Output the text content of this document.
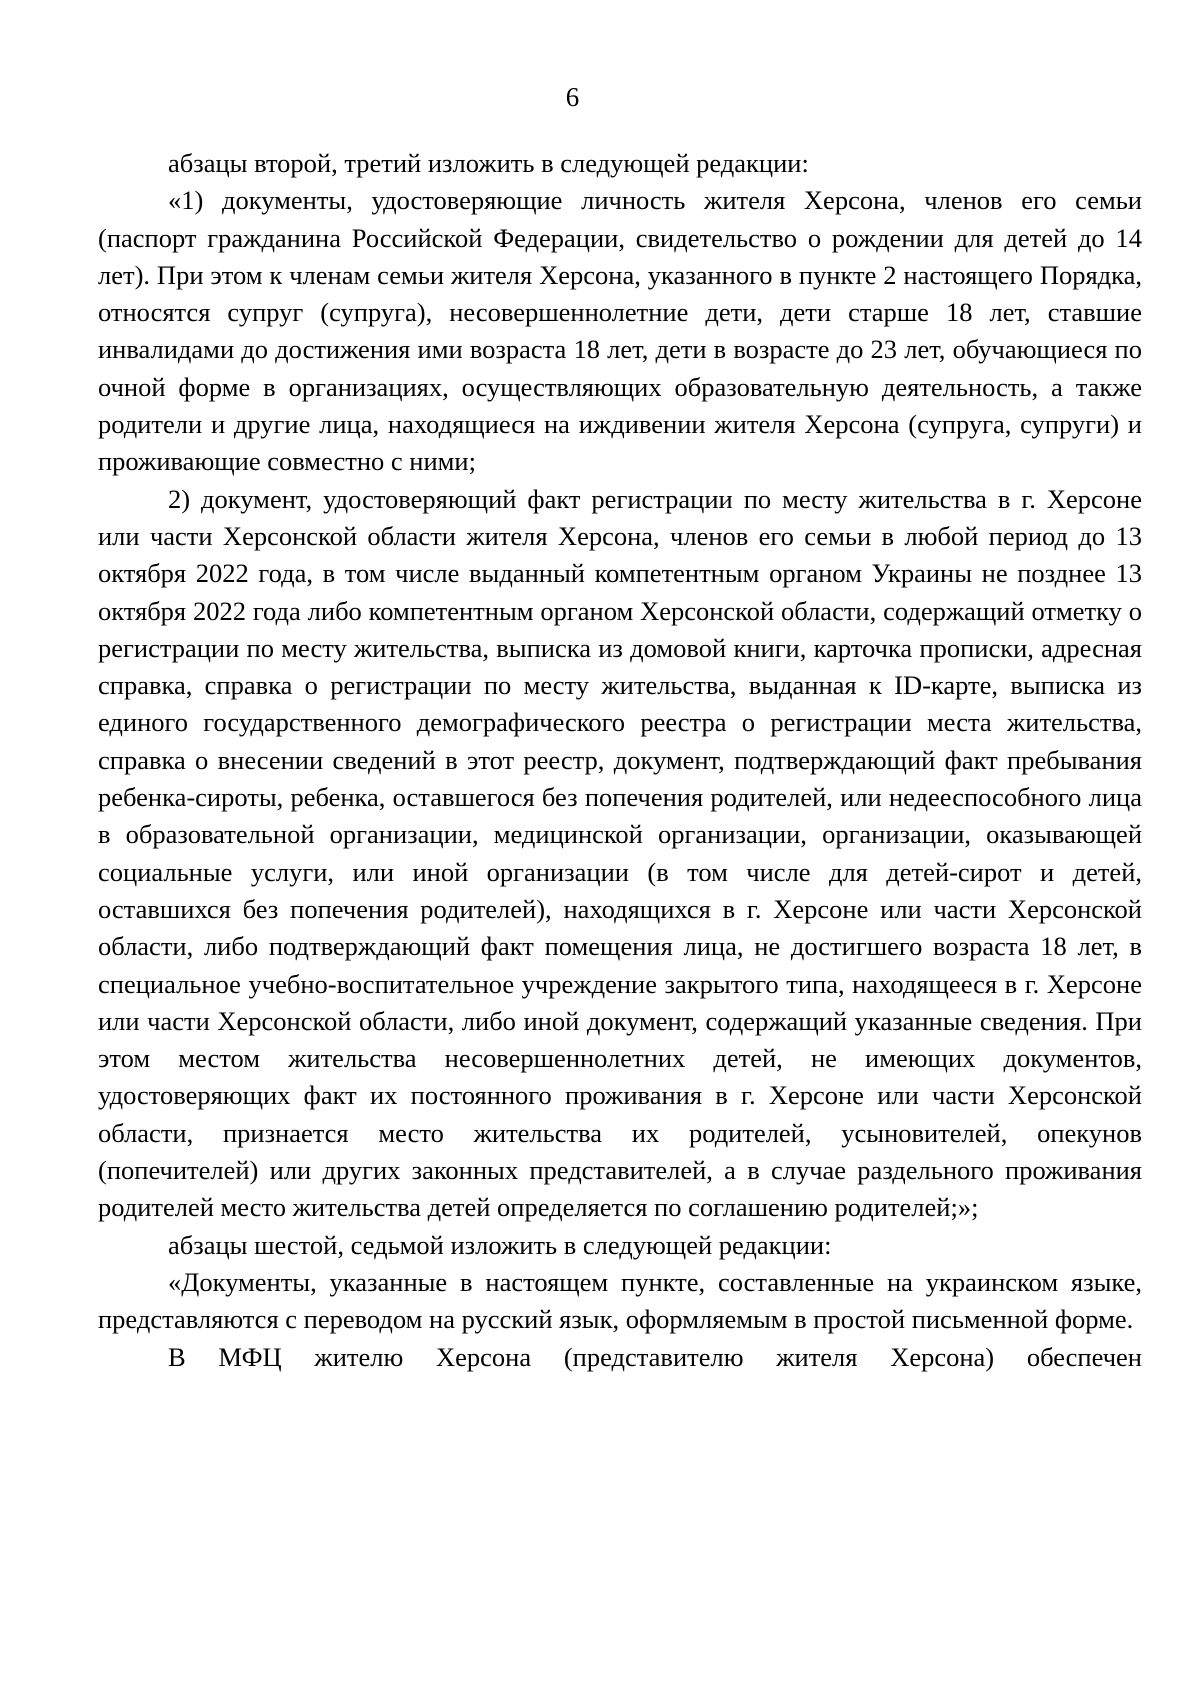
6

абзацы второй, третий изложить в следующей редакции:

«1) документы, удостоверяющие личность жителя Херсона, членов его семьи (паспорт гражданина Российской Федерации, свидетельство о рождении для детей до 14 лет). При этом к членам семьи жителя Херсона, указанного в пункте 2 настоящего Порядка, относятся супруг (супруга), несовершеннолетние дети, дети старше 18 лет, ставшие инвалидами до достижения ими возраста 18 лет, дети в возрасте до 23 лет, обучающиеся по очной форме в организациях, осуществляющих образовательную деятельность, а также родители и другие лица, находящиеся на иждивении жителя Херсона (супруга, супруги) и проживающие совместно с ними;

2) документ, удостоверяющий факт регистрации по месту жительства в г. Херсоне или части Херсонской области жителя Херсона, членов его семьи в любой период до 13 октября 2022 года, в том числе выданный компетентным органом Украины не позднее 13 октября 2022 года либо компетентным органом Херсонской области, содержащий отметку о регистрации по месту жительства, выписка из домовой книги, карточка прописки, адресная справка, справка о регистрации по месту жительства, выданная к ID-карте, выписка из единого государственного демографического реестра о регистрации места жительства, справка о внесении сведений в этот реестр, документ, подтверждающий факт пребывания ребенка-сироты, ребенка, оставшегося без попечения родителей, или недееспособного лица в образовательной организации, медицинской организации, организации, оказывающей социальные услуги, или иной организации (в том числе для детей-сирот и детей, оставшихся без попечения родителей), находящихся в г. Херсоне или части Херсонской области, либо подтверждающий факт помещения лица, не достигшего возраста 18 лет, в специальное учебно-воспитательное учреждение закрытого типа, находящееся в г. Херсоне или части Херсонской области, либо иной документ, содержащий указанные сведения. При этом местом жительства несовершеннолетних детей, не имеющих документов, удостоверяющих факт их постоянного проживания в г. Херсоне или части Херсонской области, признается место жительства их родителей, усыновителей, опекунов (попечителей) или других законных представителей, а в случае раздельного проживания родителей место жительства детей определяется по соглашению родителей;»;

абзацы шестой, седьмой изложить в следующей редакции:

«Документы, указанные в настоящем пункте, составленные на украинском языке, представляются с переводом на русский язык, оформляемым в простой письменной форме.

В МФЦ жителю Херсона (представителю жителя Херсона) обеспечен
